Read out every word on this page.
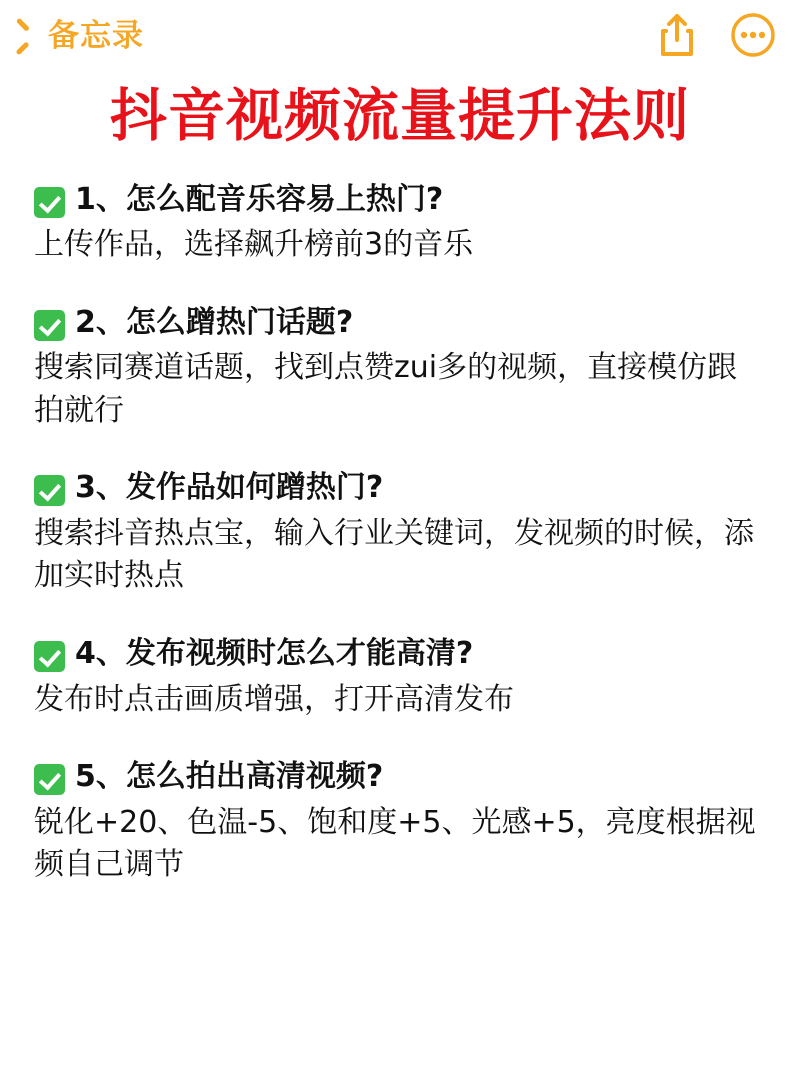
备忘录
抖音视频流量提升法则
1、怎么配音乐容易上热门?
上传作品，选择飙升榜前3的音乐
2、怎么蹭热门话题?
搜索同赛道话题，找到点赞zui多的视频，直接模仿跟拍就行
3、发作品如何蹭热门?
搜索抖音热点宝，输入行业关键词，发视频的时候，添加实时热点
4、发布视频时怎么才能高清?
发布时点击画质增强，打开高清发布
5、怎么拍出高清视频?
锐化+20、色温-5、饱和度+5、光感+5，亮度根据视频自己调节
